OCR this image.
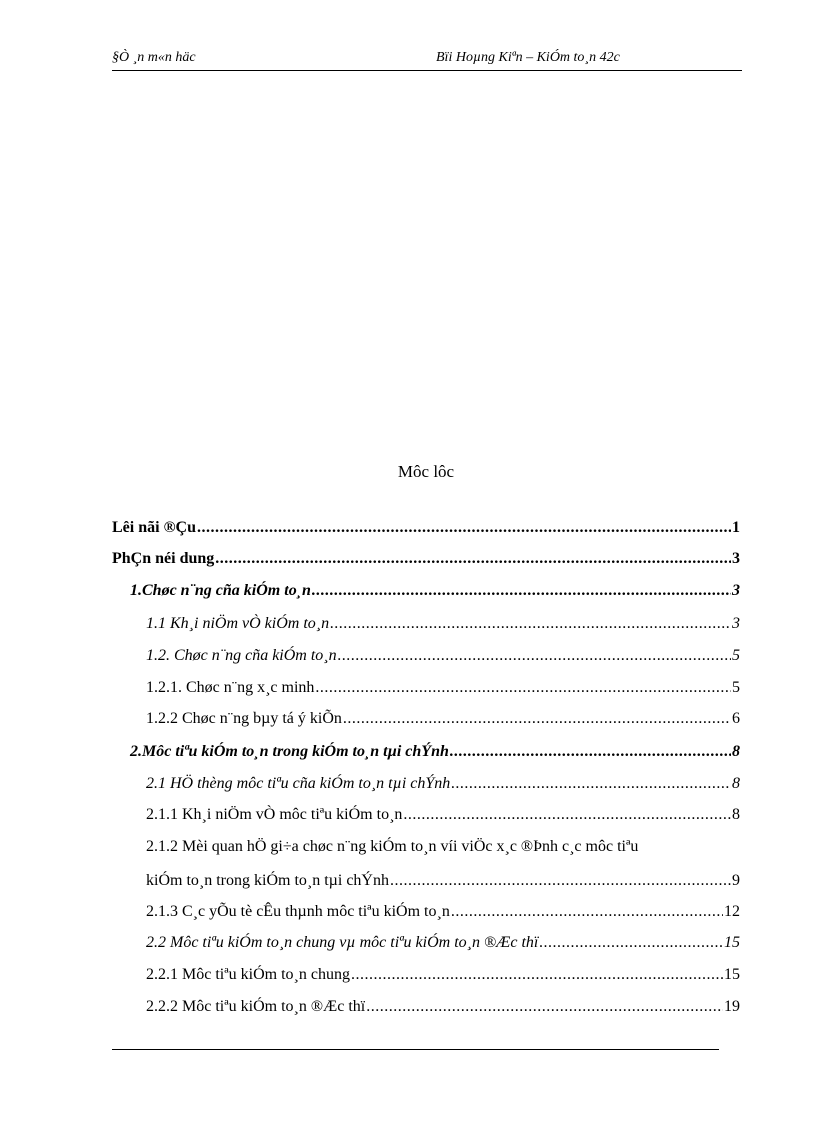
§Ò ¸n m«n häc	Bïi Hoµng Kiªn – KiÓm to¸n 42c
Môc lôc
Lêi nãi ®Çu .....	1
PhÇn néi dung .....	3
1.Chøc n¨ng cña kiÓm to¸n .....	3
1.1 Kh¸i niÖm vÒ kiÓm to¸n .....	3
1.2. Chøc n¨ng cña kiÓm to¸n .....	5
1.2.1. Chøc n¨ng x¸c minh .....	5
1.2.2 Chøc n¨ng bµy tá ý kiÕn .....	6
2.Môc tiªu kiÓm to¸n trong kiÓm to¸n tµi chÝnh .....	8
2.1 HÖ thèng môc tiªu cña kiÓm to¸n tµi chÝnh .....	8
2.1.1 Kh¸i niÖm vÒ môc tiªu kiÓm to¸n .....	8
2.1.2 Mèi quan hÖ gi÷a chøc n¨ng kiÓm to¸n víi viÖc x¸c ®Þnh c¸c môc tiªu
kiÓm to¸n trong kiÓm to¸n tµi chÝnh .....	9
2.1.3 C¸c yÕu tè cÊu thµnh môc tiªu kiÓm to¸n .....	12
2.2 Môc tiªu kiÓm to¸n chung vµ môc tiªu kiÓm to¸n ®Æc thï .....	15
2.2.1 Môc tiªu kiÓm to¸n chung .....	15
2.2.2 Môc tiªu kiÓm to¸n ®Æc thï .....	19
